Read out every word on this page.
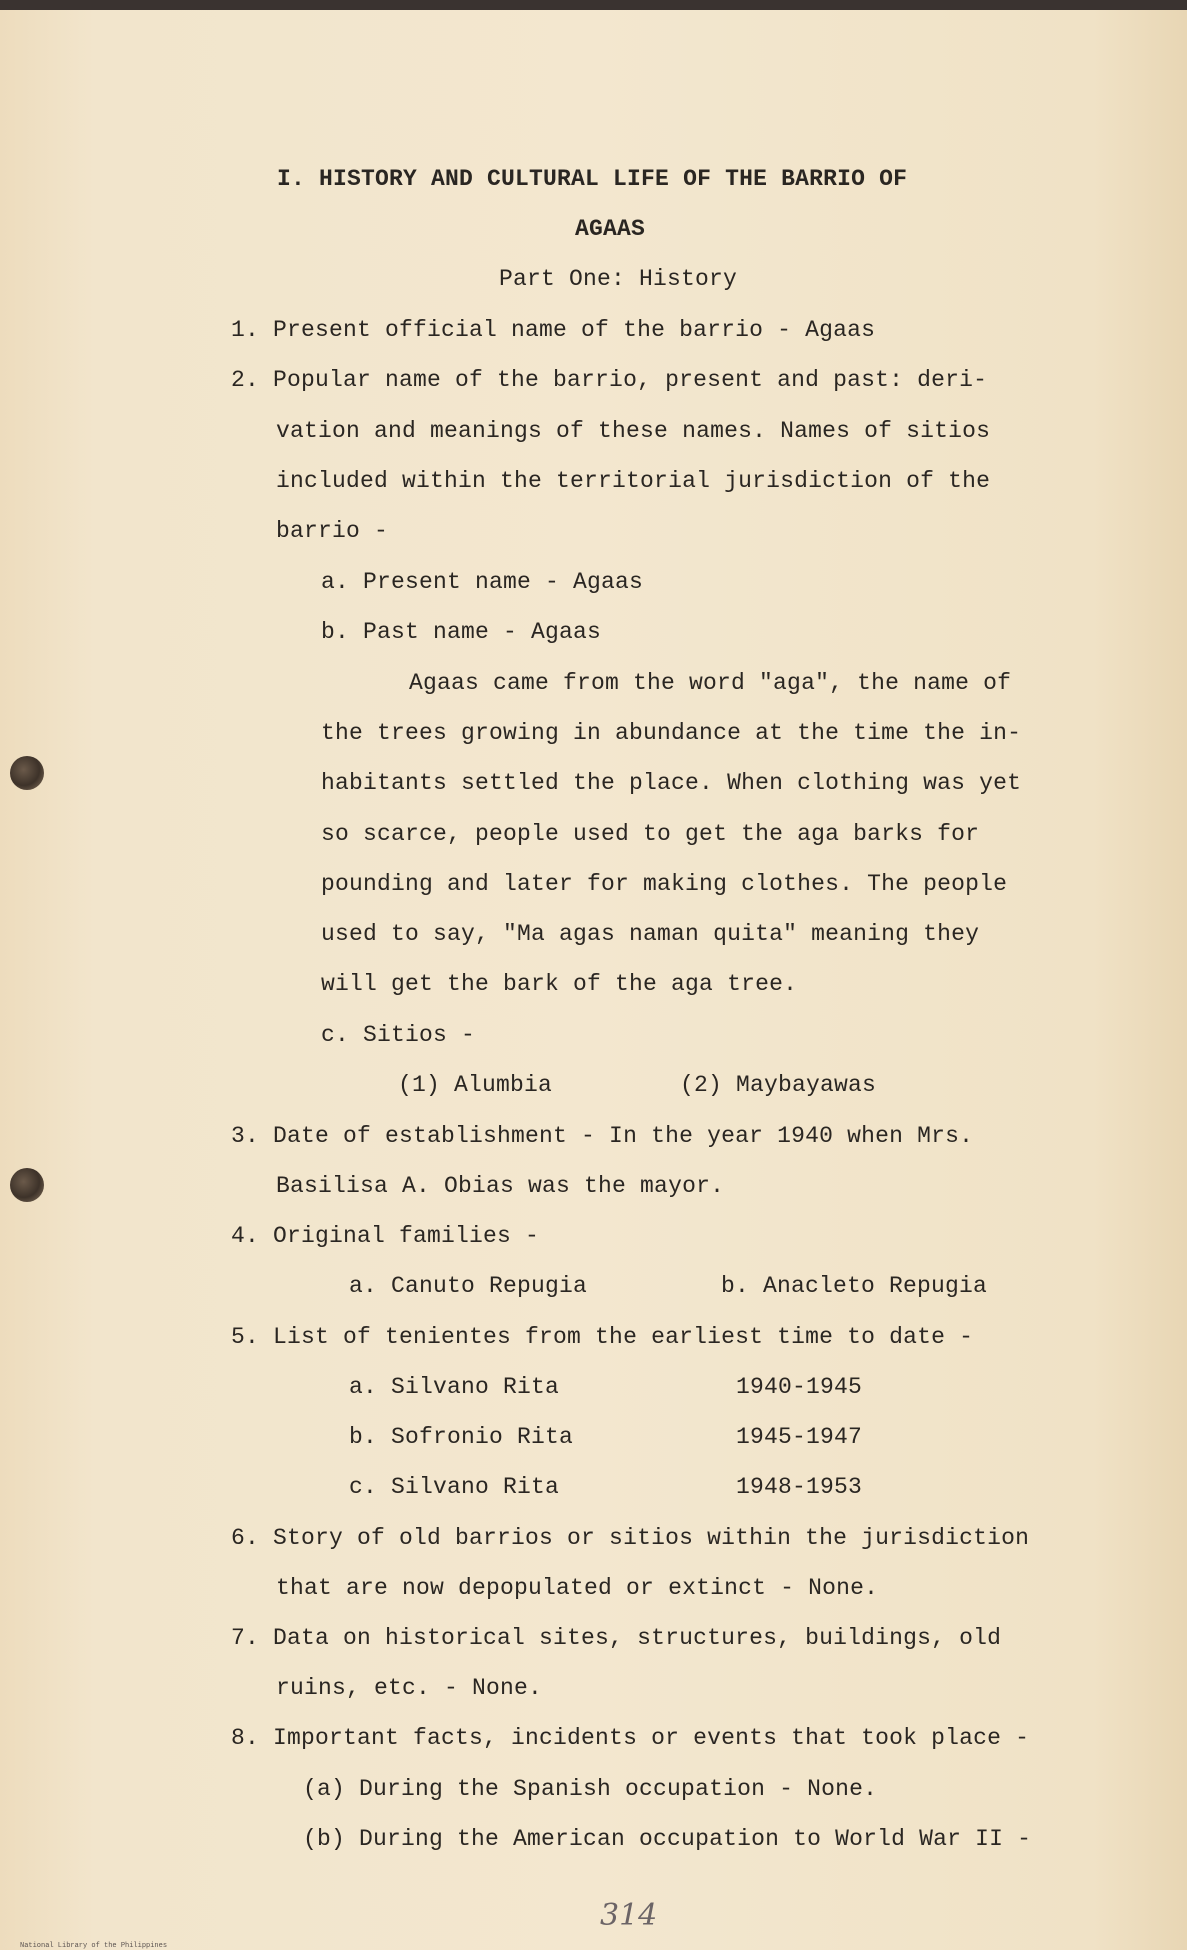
I. HISTORY AND CULTURAL LIFE OF THE BARRIO OF
AGAAS
Part One: History
1. Present official name of the barrio - Agaas
2. Popular name of the barrio, present and past: deri-
vation and meanings of these names. Names of sitios
included within the territorial jurisdiction of the
barrio -
a. Present name - Agaas
b. Past name - Agaas
Agaas came from the word "aga", the name of
the trees growing in abundance at the time the in-
habitants settled the place. When clothing was yet
so scarce, people used to get the aga barks for
pounding and later for making clothes. The people
used to say, "Ma agas naman quita" meaning they
will get the bark of the aga tree.
c. Sitios -
(1) Alumbia	(2) Maybayawas
3. Date of establishment - In the year 1940 when Mrs.
Basilisa A. Obias was the mayor.
4. Original families -
a. Canuto Repugia	b. Anacleto Repugia
5. List of tenientes from the earliest time to date -
a. Silvano Rita	1940-1945
b. Sofronio Rita	1945-1947
c. Silvano Rita	1948-1953
6. Story of old barrios or sitios within the jurisdiction
that are now depopulated or extinct - None.
7. Data on historical sites, structures, buildings, old
ruins, etc. - None.
8. Important facts, incidents or events that took place -
(a) During the Spanish occupation - None.
(b) During the American occupation to World War II -
314
National Library of the Philippines
